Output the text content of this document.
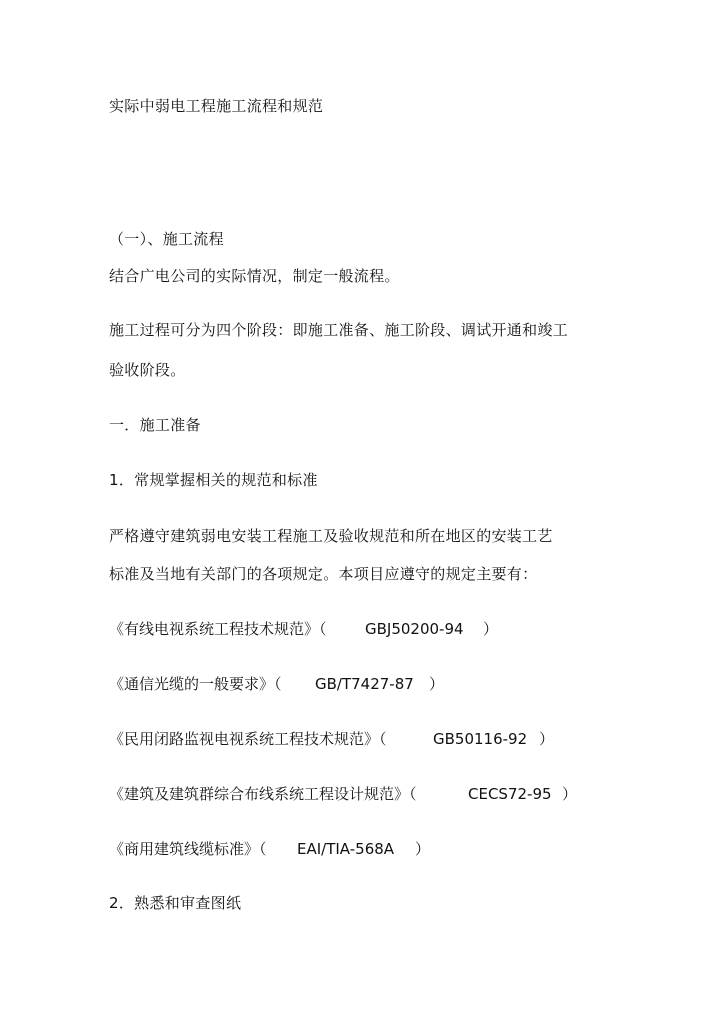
实际中弱电工程施工流程和规范
（一）、施工流程
结合广电公司的实际情况，制定一般流程。
施工过程可分为四个阶段：即施工准备、施工阶段、调试开通和竣工
验收阶段。
一．施工准备
1．常规掌握相关的规范和标准
严格遵守建筑弱电安装工程施工及验收规范和所在地区的安装工艺
标准及当地有关部门的各项规定。本项目应遵守的规定主要有：
《有线电视系统工程技术规范》（	GBJ50200-94 ）
《通信光缆的一般要求》（ GB/T7427-87 ）
《民用闭路监视电视系统工程技术规范》（	GB50116-92 ）
《建筑及建筑群综合布线系统工程设计规范》（	CECS72-95 ）
《商用建筑线缆标准》（ EAI/TIA-568A ）
2．熟悉和审查图纸
